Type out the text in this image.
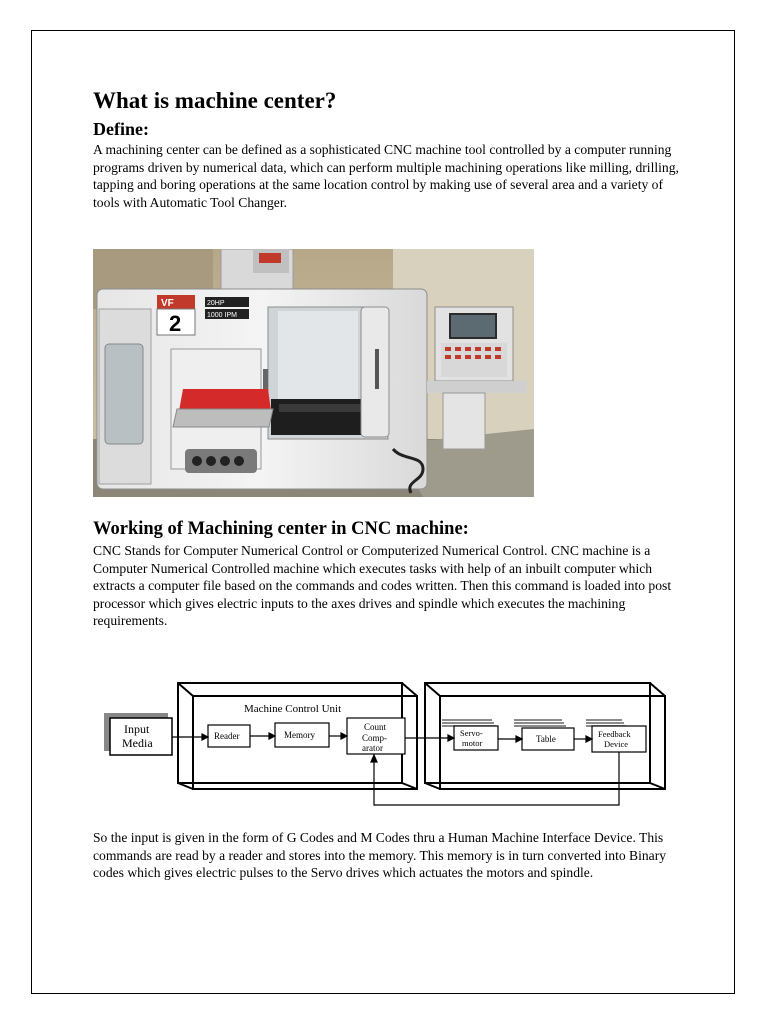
What is machine center?
Define:

A machining center can be defined as a sophisticated CNC machine tool controlled by a computer running programs driven by numerical data, which can perform multiple machining operations like milling, drilling, tapping and boring operations at the same location control by making use of several area and a variety of tools with Automatic Tool Changer.

VF
2
20HP
1000 IPM
Working of Machining center in CNC machine:

CNC Stands for Computer Numerical Control or Computerized Numerical Control. CNC machine is a Computer Numerical Controlled machine which executes tasks with help of an inbuilt computer which extracts a computer file based on the commands and codes written. Then this command is loaded into post processor which gives electric inputs to the axes drives and spindle which executes the machining requirements.

Machine Control Unit
Input
Media	Reader	Memory
Count
Comp-
arator
Servo-
motor	Table	Feedback
Device

So the input is given in the form of G Codes and M Codes thru a Human Machine Interface Device. This commands are read by a reader and stores into the memory. This memory is in turn converted into Binary codes which gives electric pulses to the Servo drives which actuates the motors and spindle.
